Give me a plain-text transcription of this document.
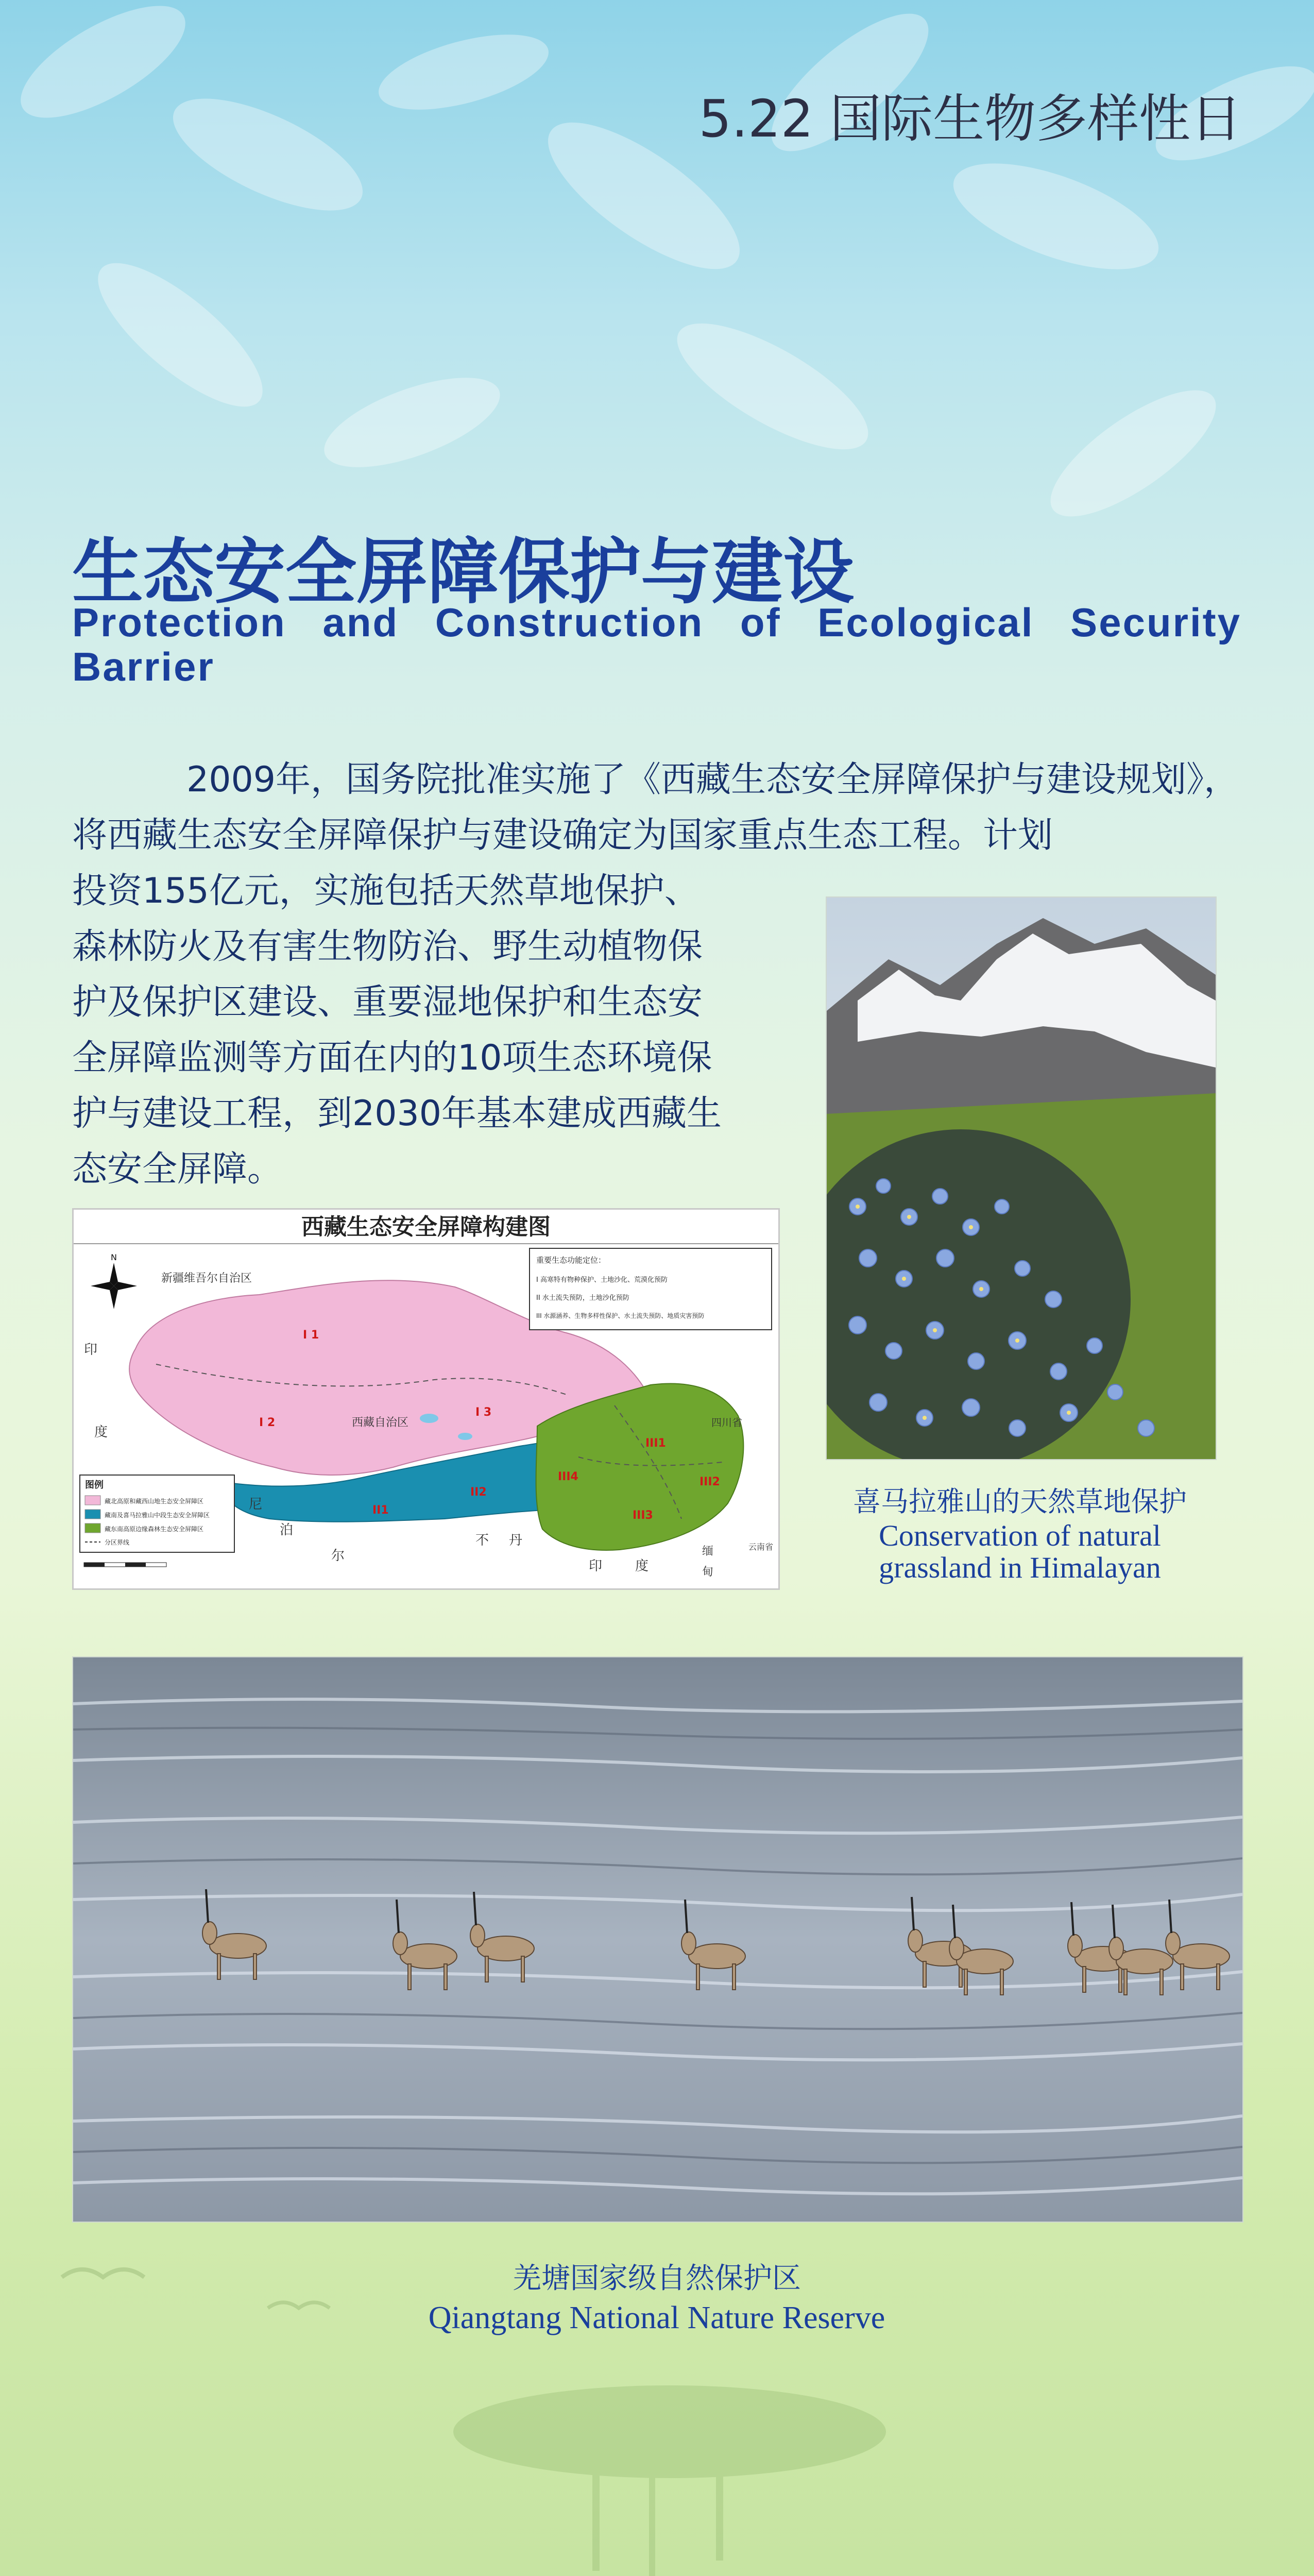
5.22 国际生物多样性日
生态安全屏障保护与建设
Protection and Construction of Ecological Security Barrier
2009年，国务院批准实施了《西藏生态安全屏障保护与建设规划》，将西藏生态安全屏障保护与建设确定为国家重点生态工程。计划
投资155亿元，实施包括天然草地保护、
森林防火及有害生物防治、野生动植物保
护及保护区建设、重要湿地保护和生态安
全屏障监测等方面在内的10项生态环境保
护与建设工程，到2030年基本建成西藏生
态安全屏障。
西藏生态安全屏障构建图
N
新疆维吾尔自治区
西藏自治区	四川省
云南省
印
度
尼
泊
尔
不 丹
印 度
缅
甸
I 1
I 2
I 3
II1
II2
III1
III2
III3
III4
重要生态功能定位：
I 高寒特有物种保护、土地沙化、荒漠化预防
II 水土流失预防，土地沙化预防
III 水源涵养、生物多样性保护、水土流失预防、地质灾害预防
图例
藏北高原和藏西山地生态安全屏障区
藏南及喜马拉雅山中段生态安全屏障区
藏东南高原边缘森林生态安全屏障区
分区界线
喜马拉雅山的天然草地保护
Conservation of natural
grassland in Himalayan
羌塘国家级自然保护区
Qiangtang National Nature Reserve
